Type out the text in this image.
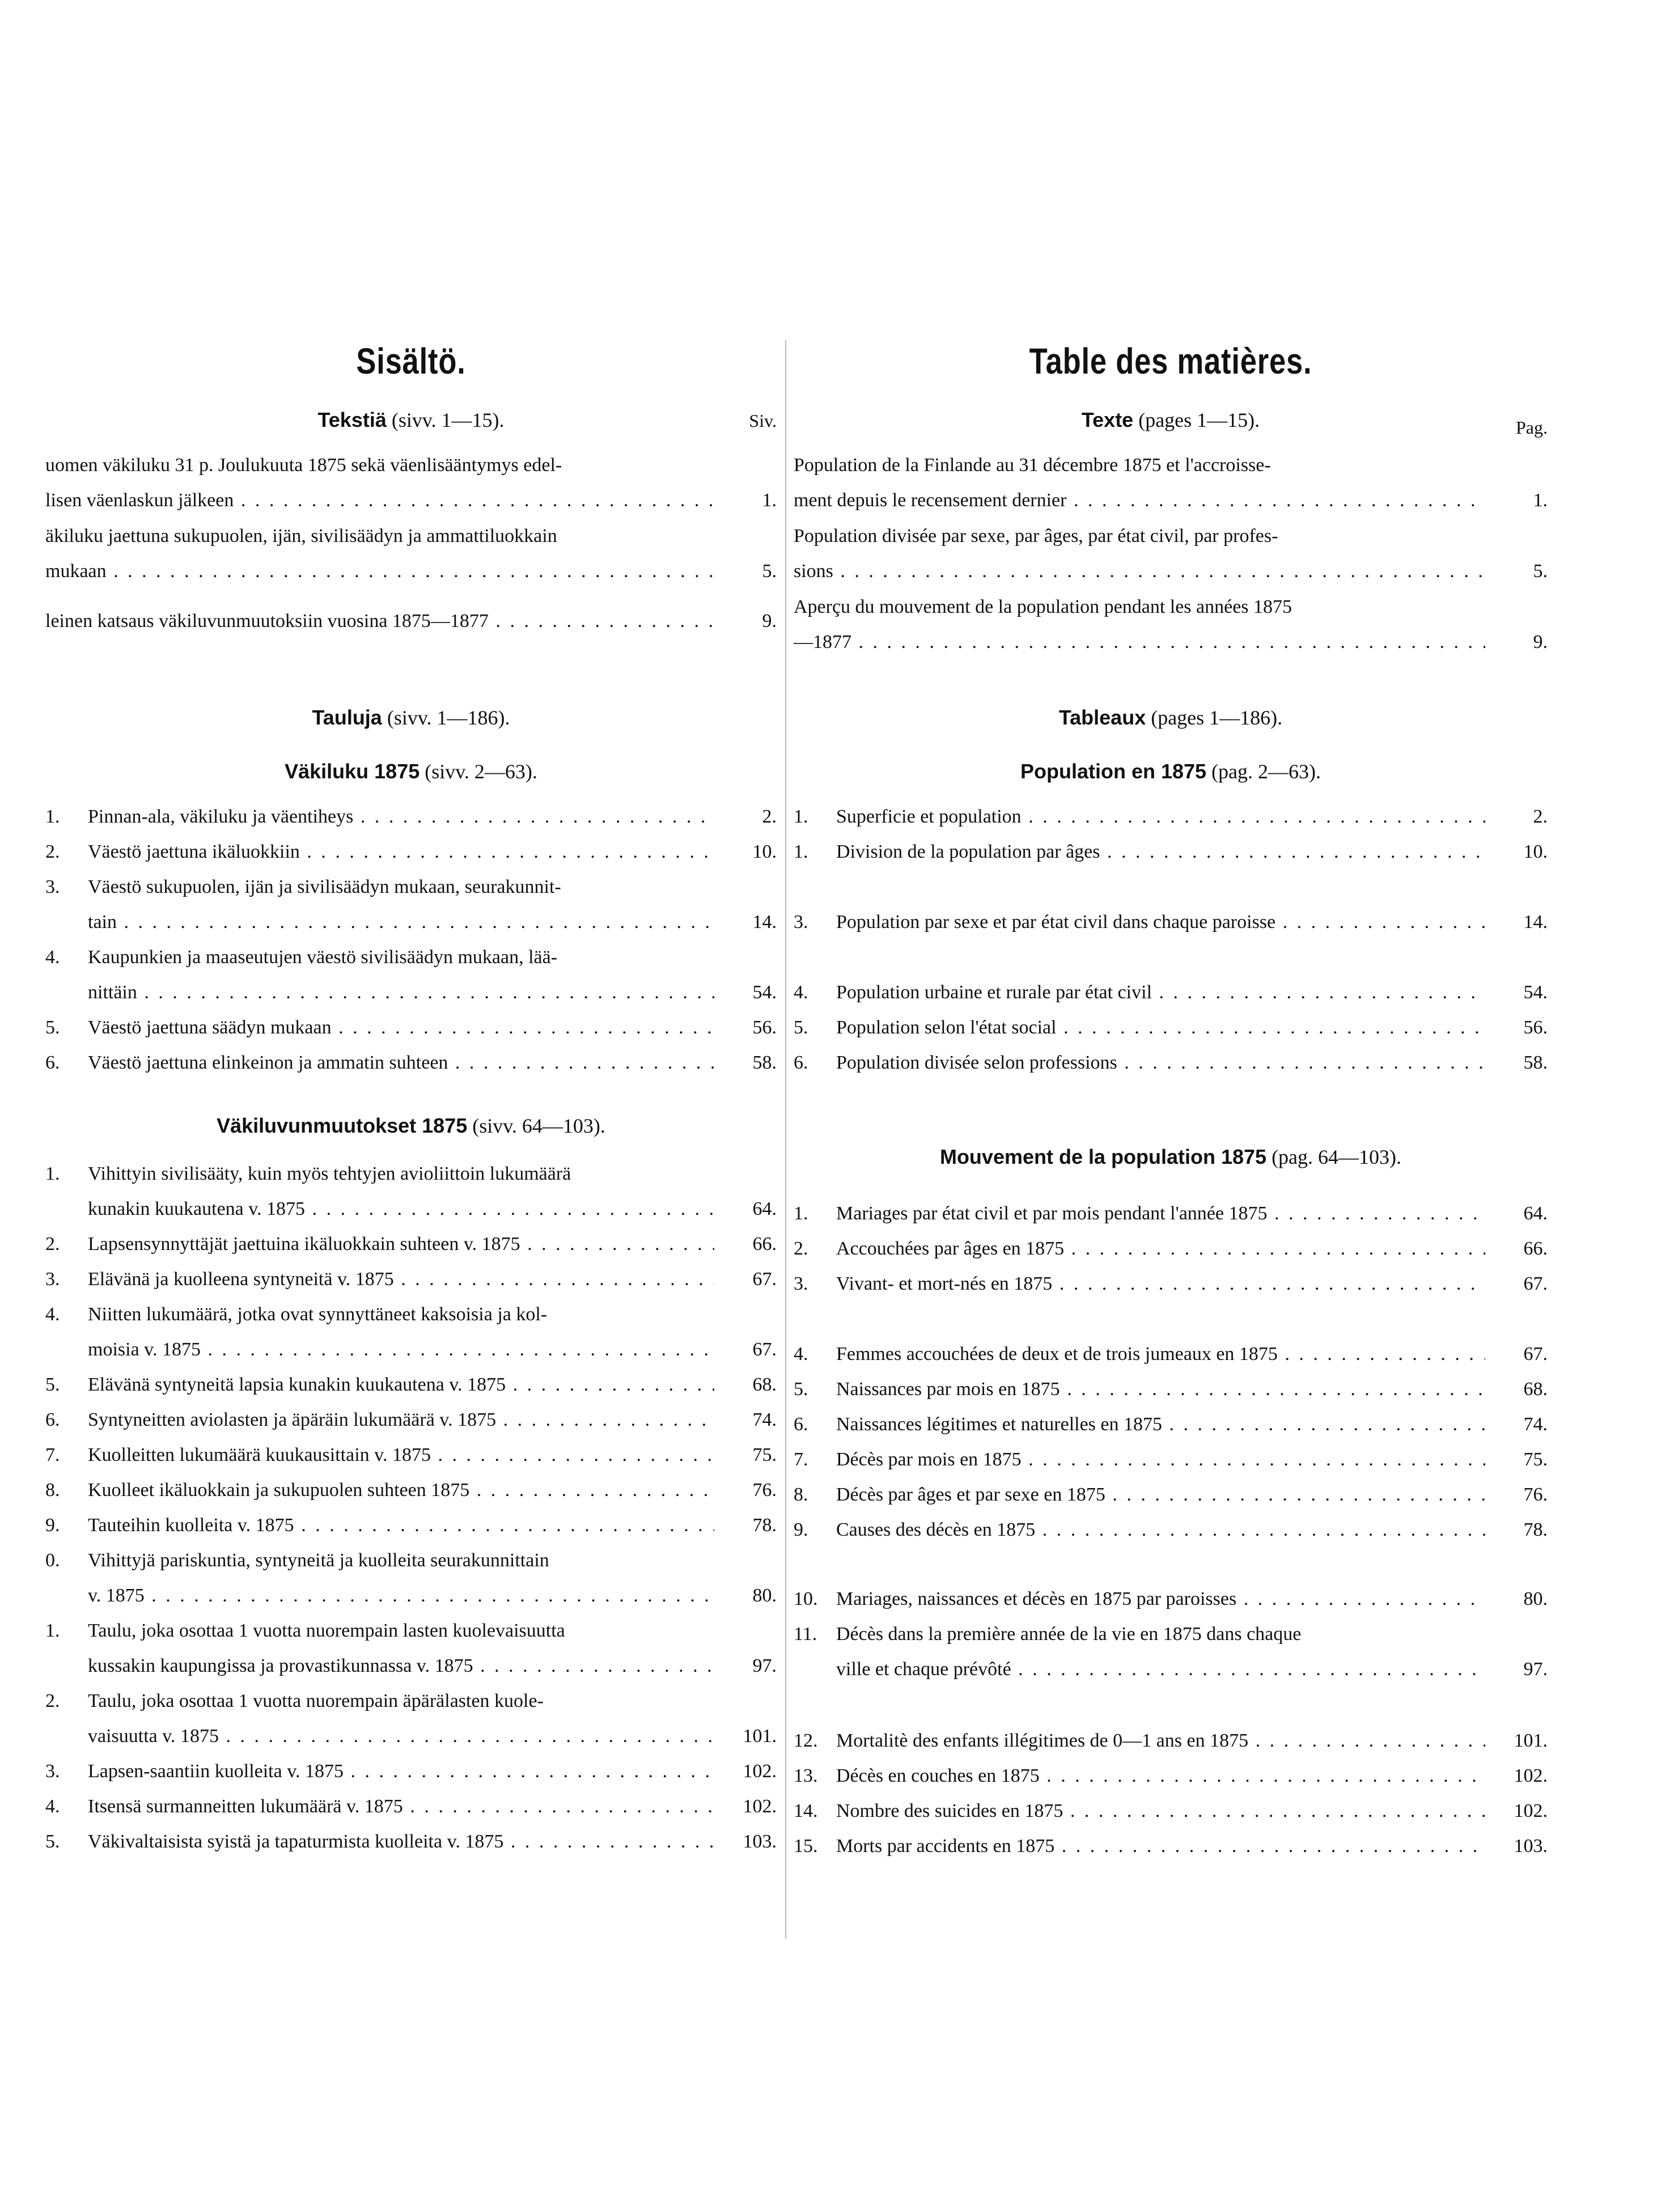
Sisältö.
Tekstiä (sivv. 1—15).	Siv.
uomen väkiluku 31 p. Joulukuuta 1875 sekä väenlisääntymys edel-
lisen väenlaskun jälkeen . . .	1.
äkiluku jaettuna sukupuolen, ijän, sivilisäädyn ja ammattiluokkain
mukaan . . .	5.
leinen katsaus väkiluvunmuutoksiin vuosina 1875—1877 . . .	9.
Tauluja (sivv. 1—186).
Väkiluku 1875 (sivv. 2—63).
1.	Pinnan-ala, väkiluku ja väentiheys . . .	2.
2.	Väestö jaettuna ikäluokkiin . . .	10.
3.	Väestö sukupuolen, ijän ja sivilisäädyn mukaan, seurakunnit-
tain . . .	14.
4.	Kaupunkien ja maaseutujen väestö sivilisäädyn mukaan, lää-
nittäin . . .	54.
5.	Väestö jaettuna säädyn mukaan . . .	56.
6.	Väestö jaettuna elinkeinon ja ammatin suhteen . . .	58.
Väkiluvunmuutokset 1875 (sivv. 64—103).
1.	Vihittyin sivilisääty, kuin myös tehtyjen avioliittoin lukumäärä
kunakin kuukautena v. 1875 . . .	64.
2.	Lapsensynnyttäjät jaettuina ikäluokkain suhteen v. 1875 . . .	66.
3.	Elävänä ja kuolleena syntyneitä v. 1875 . . .	67.
4.	Niitten lukumäärä, jotka ovat synnyttäneet kaksoisia ja kol-
moisia v. 1875 . . .	67.
5.	Elävänä syntyneitä lapsia kunakin kuukautena v. 1875 . . .	68.
6.	Syntyneitten aviolasten ja äpäräin lukumäärä v. 1875 . . .	74.
7.	Kuolleitten lukumäärä kuukausittain v. 1875 . . .	75.
8.	Kuolleet ikäluokkain ja sukupuolen suhteen 1875 . . .	76.
9.	Tauteihin kuolleita v. 1875 . . .	78.
0.	Vihittyjä pariskuntia, syntyneitä ja kuolleita seurakunnittain
v. 1875 . . .	80.
1.	Taulu, joka osottaa 1 vuotta nuorempain lasten kuolevaisuutta
kussakin kaupungissa ja provastikunnassa v. 1875 . . .	97.
2.	Taulu, joka osottaa 1 vuotta nuorempain äpärälasten kuole-
vaisuutta v. 1875 . . .	101.
3.	Lapsen-saantiin kuolleita v. 1875 . . .	102.
4.	Itsensä surmanneitten lukumäärä v. 1875 . . .	102.
5.	Väkivaltaisista syistä ja tapaturmista kuolleita v. 1875 . . .	103.
Table des matières.
Texte (pages 1—15).	Pag.
Population de la Finlande au 31 décembre 1875 et l'accroisse-
ment depuis le recensement dernier . . .	1.
Population divisée par sexe, par âges, par état civil, par profes-
sions . . .	5.
Aperçu du mouvement de la population pendant les années 1875
—1877 . . .	9.
Tableaux (pages 1—186).
Population en 1875 (pag. 2—63).
1.	Superficie et population . . .	2.
1.	Division de la population par âges . . .	10.
3.	Population par sexe et par état civil dans chaque paroisse . . .	14.
4.	Population urbaine et rurale par état civil . . .	54.
5.	Population selon l'état social . . .	56.
6.	Population divisée selon professions . . .	58.
Mouvement de la population 1875 (pag. 64—103).
1.	Mariages par état civil et par mois pendant l'année 1875 . . .	64.
2.	Accouchées par âges en 1875 . . .	66.
3.	Vivant- et mort-nés en 1875 . . .	67.
4.	Femmes accouchées de deux et de trois jumeaux en 1875 . . .	67.
5.	Naissances par mois en 1875 . . .	68.
6.	Naissances légitimes et naturelles en 1875 . . .	74.
7.	Décès par mois en 1875 . . .	75.
8.	Décès par âges et par sexe en 1875 . . .	76.
9.	Causes des décès en 1875 . . .	78.
10. Mariages, naissances et décès en 1875 par paroisses . . .	80.
11. Décès dans la première année de la vie en 1875 dans chaque
ville et chaque prévôté . . .	97.
12. Mortalitè des enfants illégitimes de 0—1 ans en 1875 . . .	101.
13. Décès en couches en 1875 . . .	102.
14. Nombre des suicides en 1875 . . .	102.
15. Morts par accidents en 1875 . . .	103.
